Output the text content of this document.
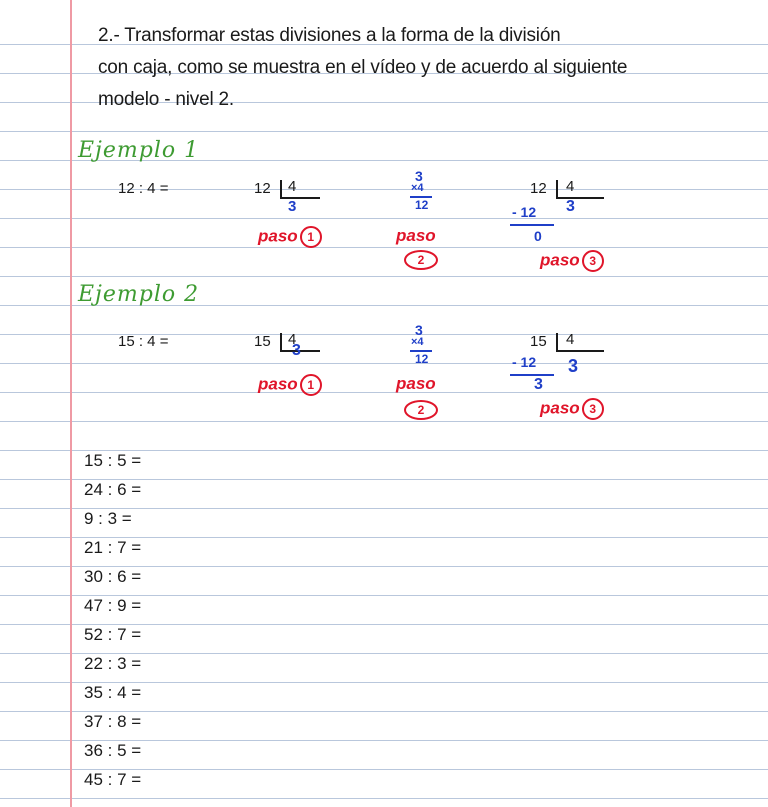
2.- Transformar estas divisiones a la forma de la división
con caja, como se muestra en el vídeo y de acuerdo al siguiente
modelo - nivel 2.
Ejemplo 1
12 : 4 =	12 4
3
paso 1
3
×4
12
paso
2
12 4
3
- 12
0
paso 3
Ejemplo 2
15 : 4 =	15 4
3
paso 1
3
×4
12
paso
2
15 4
3
- 12
3
paso 3
15 : 5 =
24 : 6 =
9 : 3 =
21 : 7 =
30 : 6 =
47 : 9 =
52 : 7 =
22 : 3 =
35 : 4 =
37 : 8 =
36 : 5 =
45 : 7 =
